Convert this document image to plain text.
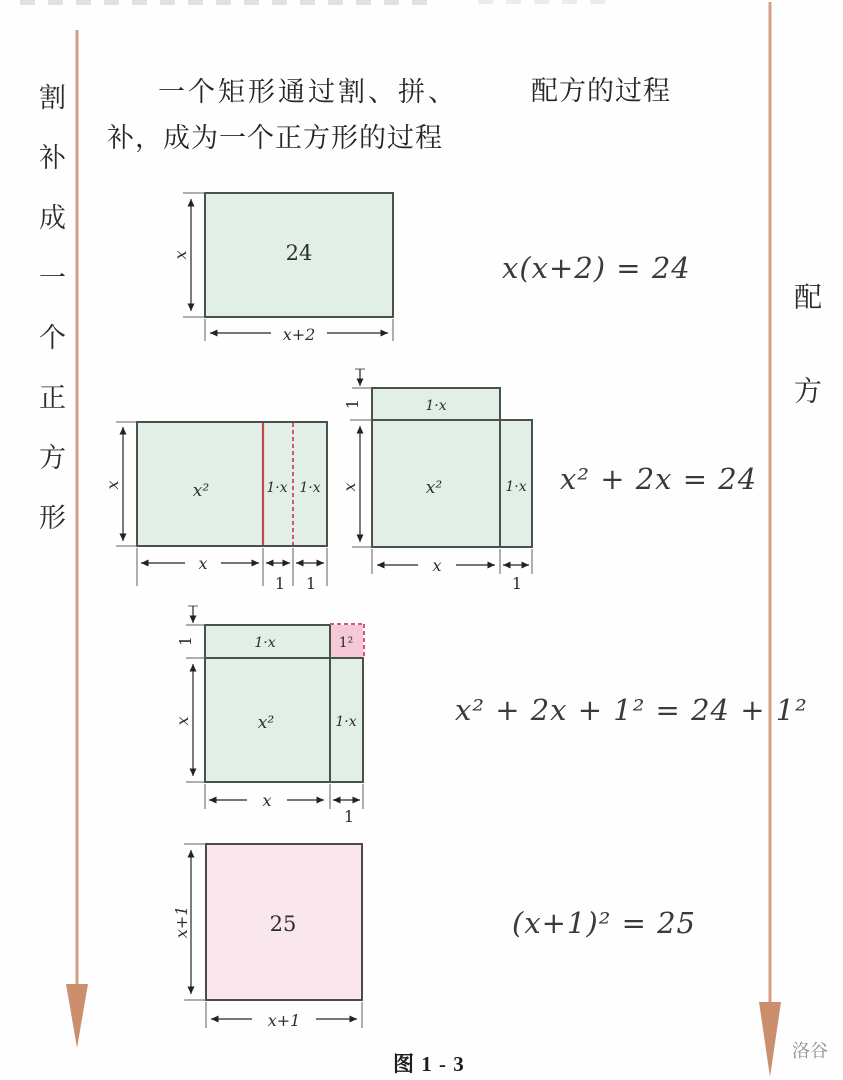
一个矩形通过割、拼、	配方的过程
补，成为一个正方形的过程
割补成一个正方形	配方
x
x+2
24
x²	1·x 1·x
x
x
1 1
1·x
x²	1·x
1
x
x
1
1·x	1²
x²	1·x
1
x
x
1
25
x+1
x+1
x(x+2) = 24
x² + 2x = 24
x² + 2x + 1² = 24 + 1²
(x+1)² = 25
图 1 - 3
洛谷
